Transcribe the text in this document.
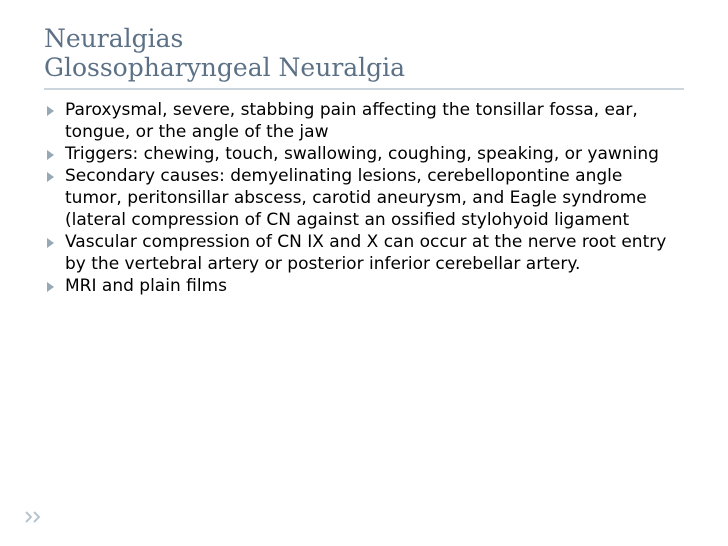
Neuralgias
Glossopharyngeal Neuralgia
Paroxysmal, severe, stabbing pain affecting the tonsillar fossa, ear, tongue, or the angle of the jaw
Triggers: chewing, touch, swallowing, coughing, speaking, or yawning
Secondary causes: demyelinating lesions, cerebellopontine angle tumor, peritonsillar abscess, carotid aneurysm, and Eagle syndrome (lateral compression of CN against an ossified stylohyoid ligament
Vascular compression of CN IX and X can occur at the nerve root entry by the vertebral artery or posterior inferior cerebellar artery.
MRI and plain films
